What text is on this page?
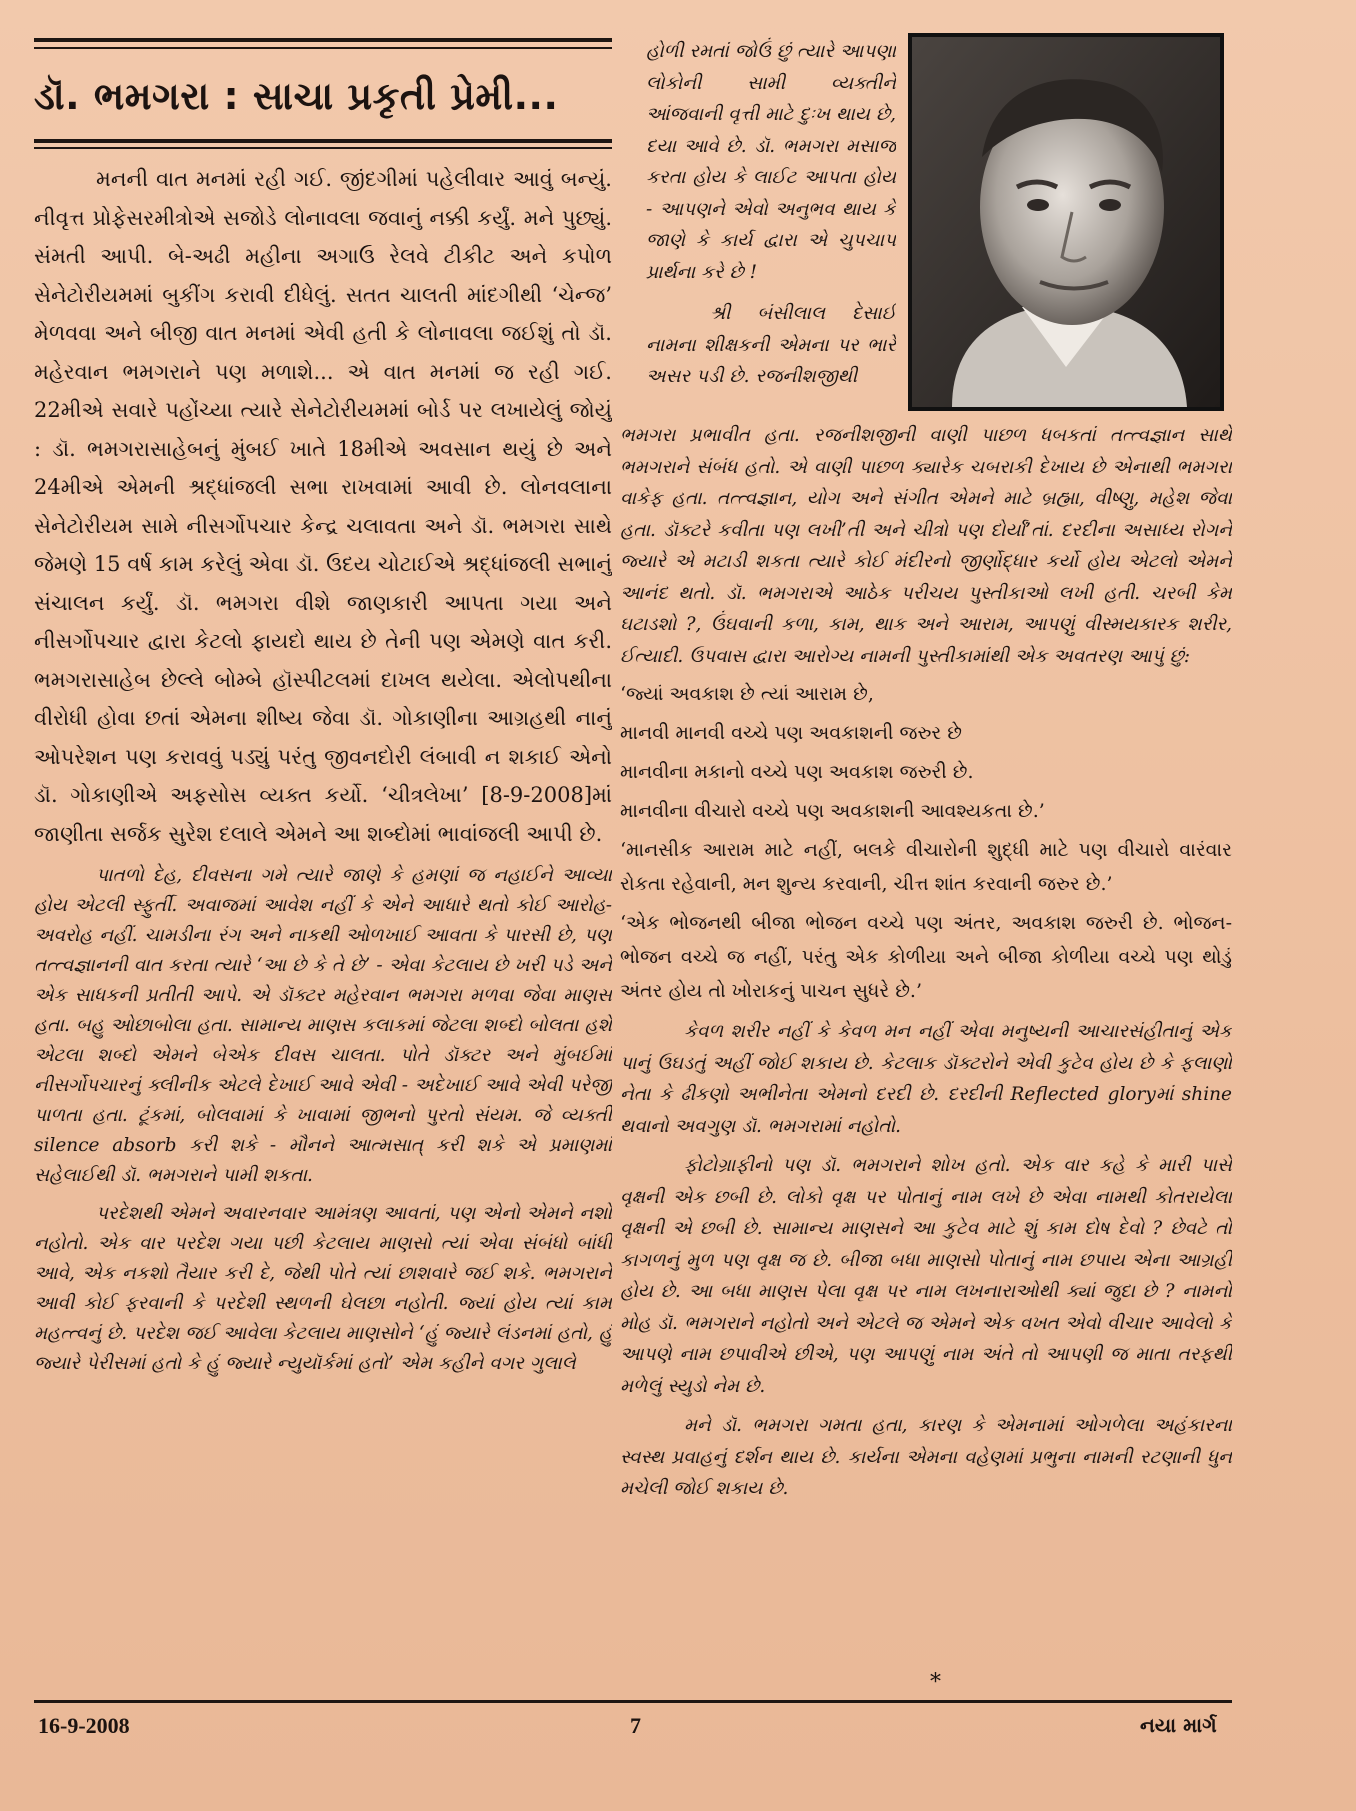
ડૉ. ભમગરા : સાચા પ્રકૃતી પ્રેમી...

મનની વાત મનમાં રહી ગઈ. જીંદગીમાં પહેલીવાર આવું બન્યું. નીવૃત્ત પ્રોફેસરમીત્રોએ સજોડે લોનાવલા જવાનું નક્કી કર્યું. મને પુછ્યું. સંમતી આપી. બે-અઢી મહીના અગાઉ રેલવે ટીકીટ અને કપોળ સેનેટોરીયમમાં બુકીંગ કરાવી દીધેલું. સતત ચાલતી માંદગીથી ‘ચેન્જ’ મેળવવા અને બીજી વાત મનમાં એવી હતી કે લોનાવલા જઈશું તો ડૉ. મહેરવાન ભમગરાને પણ મળાશે... એ વાત મનમાં જ રહી ગઈ. 22મીએ સવારે પહોંચ્યા ત્યારે સેનેટોરીયમમાં બોર્ડ પર લખાયેલું જોયું : ડૉ. ભમગરાસાહેબનું મુંબઈ ખાતે 18મીએ અવસાન થયું છે અને 24મીએ એમની શ્રદ્ધાંજલી સભા રાખવામાં આવી છે. લોનવલાના સેનેટોરીયમ સામે નીસર્ગોપચાર કેન્દ્ર ચલાવતા અને ડૉ. ભમગરા સાથે જેમણે 15 વર્ષ કામ કરેલું એવા ડૉ. ઉદય ચોટાઈએ શ્રદ્ધાંજલી સભાનું સંચાલન કર્યું. ડૉ. ભમગરા વીશે જાણકારી આપતા ગયા અને નીસર્ગોપચાર દ્વારા કેટલો ફાયદો થાય છે તેની પણ એમણે વાત કરી. ભમગરાસાહેબ છેલ્લે બોમ્બે હૉસ્પીટલમાં દાખલ થયેલા. એલોપથીના વીરોધી હોવા છતાં એમના શીષ્ય જેવા ડૉ. ગોકાણીના આગ્રહથી નાનું ઓપરેશન પણ કરાવવું પડ્યું પરંતુ જીવનદોરી લંબાવી ન શકાઈ એનો ડૉ. ગોકાણીએ અફસોસ વ્યક્ત કર્યો. ‘ચીત્રલેખા’ [8-9-2008]માં જાણીતા સર્જક સુરેશ દલાલે એમને આ શબ્દોમાં ભાવાંજલી આપી છે.

પાતળો દેહ, દીવસના ગમે ત્યારે જાણે કે હમણાં જ નહાઈને આવ્યા હોય એટલી સ્ફુર્તી. અવાજમાં આવેશ નહીં કે એને આધારે થતો કોઈ આરોહ-અવરોહ નહીં. ચામડીના રંગ અને નાકથી ઓળખાઈ આવતા કે પારસી છે, પણ તત્ત્વજ્ઞાનની વાત કરતા ત્યારે ‘આ છે કે તે છે’ - એવા કેટલાય છે ખરી પડે અને એક સાધકની પ્રતીતી આપે. એ ડૉક્ટર મહેરવાન ભમગરા મળવા જેવા માણસ હતા. બહુ ઓછાબોલા હતા. સામાન્ય માણસ કલાકમાં જેટલા શબ્દો બોલતા હશે એટલા શબ્દો એમને બેએક દીવસ ચાલતા. પોતે ડૉક્ટર અને મુંબઈમાં નીસર્ગોપચારનું ક્લીનીક એટલે દેખાઈ આવે એવી - અદેખાઈ આવે એવી પરેજી પાળતા હતા. ટૂંકમાં, બોલવામાં કે ખાવામાં જીભનો પુરતો સંયમ. જે વ્યક્તી silence absorb કરી શકે - મૌનને આત્મસાત્ કરી શકે એ પ્રમાણમાં સહેલાઈથી ડૉ. ભમગરાને પામી શકતા.

પરદેશથી એમને અવારનવાર આમંત્રણ આવતાં, પણ એનો એમને નશો નહોતો. એક વાર પરદેશ ગયા પછી કેટલાય માણસો ત્યાં એવા સંબંધો બાંધી આવે, એક નકશો તૈયાર કરી દે, જેથી પોતે ત્યાં છાશવારે જઈ શકે. ભમગરાને આવી કોઈ ફરવાની કે પરદેશી સ્થળની ઘેલછા નહોતી. જ્યાં હોય ત્યાં કામ મહત્ત્વનું છે. પરદેશ જઈ આવેલા કેટલાય માણસોને ‘હું જ્યારે લંડનમાં હતો, હું જ્યારે પેરીસમાં હતો કે હું જ્યારે ન્યુયૉર્કમાં હતો’ એમ કહીને વગર ગુલાલે

હોળી રમતાં જોઉં છું ત્યારે આપણા લોકોની સામી વ્યક્તીને આંજવાની વૃત્તી માટે દુઃખ થાય છે, દયા આવે છે. ડૉ. ભમગરા મસાજ કરતા હોય કે લાઈટ આપતા હોય - આપણને એવો અનુભવ થાય કે જાણે કે કાર્ય દ્વારા એ ચુપચાપ પ્રાર્થના કરે છે !

શ્રી બંસીલાલ દેસાઈ નામના શીક્ષકની એમના પર ભારે અસર પડી છે. રજનીશજીથી

ભમગરા પ્રભાવીત હતા. રજનીશજીની વાણી પાછળ ધબકતાં તત્ત્વજ્ઞાન સાથે ભમગરાને સંબંધ હતો. એ વાણી પાછળ ક્યારેક ચબરાકી દેખાય છે એનાથી ભમગરા વાકેફ હતા. તત્ત્વજ્ઞાન, યોગ અને સંગીત એમને માટે બ્રહ્મા, વીષ્ણુ, મહેશ જેવા હતા. ડૉક્ટરે કવીતા પણ લખી’તી અને ચીત્રો પણ દોર્યાં’તાં. દરદીના અસાધ્ય રોગને જ્યારે એ મટાડી શકતા ત્યારે કોઈ મંદીરનો જીર્ણોદ્ધાર કર્યો હોય એટલો એમને આનંદ થતો. ડૉ. ભમગરાએ આઠેક પરીચય પુસ્તીકાઓ લખી હતી. ચરબી કેમ ઘટાડશો ?, ઉંઘવાની કળા, કામ, થાક અને આરામ, આપણું વીસ્મયકારક શરીર, ઈત્યાદી. ઉપવાસ દ્વારા આરોગ્ય નામની પુસ્તીકામાંથી એક અવતરણ આપું છું:

‘જ્યાં અવકાશ છે ત્યાં આરામ છે,

માનવી માનવી વચ્ચે પણ અવકાશની જરુર છે

માનવીના મકાનો વચ્ચે પણ અવકાશ જરુરી છે.

માનવીના વીચારો વચ્ચે પણ અવકાશની આવશ્યકતા છે.’

‘માનસીક આરામ માટે નહીં, બલકે વીચારોની શુદ્ધી માટે પણ વીચારો વારંવાર રોકતા રહેવાની, મન શુન્ય કરવાની, ચીત્ત શાંત કરવાની જરુર છે.’

‘એક ભોજનથી બીજા ભોજન વચ્ચે પણ અંતર, અવકાશ જરુરી છે. ભોજન-ભોજન વચ્ચે જ નહીં, પરંતુ એક કોળીયા અને બીજા કોળીયા વચ્ચે પણ થોડું અંતર હોય તો ખોરાકનું પાચન સુધરે છે.’

કેવળ શરીર નહીં કે કેવળ મન નહીં એવા મનુષ્યની આચારસંહીતાનું એક પાનું ઉઘડતું અહીં જોઈ શકાય છે. કેટલાક ડૉક્ટરોને એવી કુટેવ હોય છે કે ફલાણો નેતા કે ઢીકણો અભીનેતા એમનો દરદી છે. દરદીની Reflected gloryમાં shine થવાનો અવગુણ ડૉ. ભમગરામાં નહોતો.

ફોટોગ્રાફીનો પણ ડૉ. ભમગરાને શોખ હતો. એક વાર કહે કે મારી પાસે વૃક્ષની એક છબી છે. લોકો વૃક્ષ પર પોતાનું નામ લખે છે એવા નામથી કોતરાયેલા વૃક્ષની એ છબી છે. સામાન્ય માણસને આ કુટેવ માટે શું કામ દોષ દેવો ? છેવટે તો કાગળનું મુળ પણ વૃક્ષ જ છે. બીજા બધા માણસો પોતાનું નામ છપાય એના આગ્રહી હોય છે. આ બધા માણસ પેલા વૃક્ષ પર નામ લખનારાઓથી ક્યાં જુદા છે ? નામનો મોહ ડૉ. ભમગરાને નહોતો અને એટલે જ એમને એક વખત એવો વીચાર આવેલો કે આપણે નામ છપાવીએ છીએ, પણ આપણું નામ અંતે તો આપણી જ માતા તરફથી મળેલું સ્યુડો નેમ છે.

મને ડૉ. ભમગરા ગમતા હતા, કારણ કે એમનામાં ઓગળેલા અહંકારના સ્વસ્થ પ્રવાહનું દર્શન થાય છે. કાર્યના એમના વહેણમાં પ્રભુના નામની રટણાની ધુન મચેલી જોઈ શકાય છે.

*
16-9-2008	7	નયા માર્ગ
